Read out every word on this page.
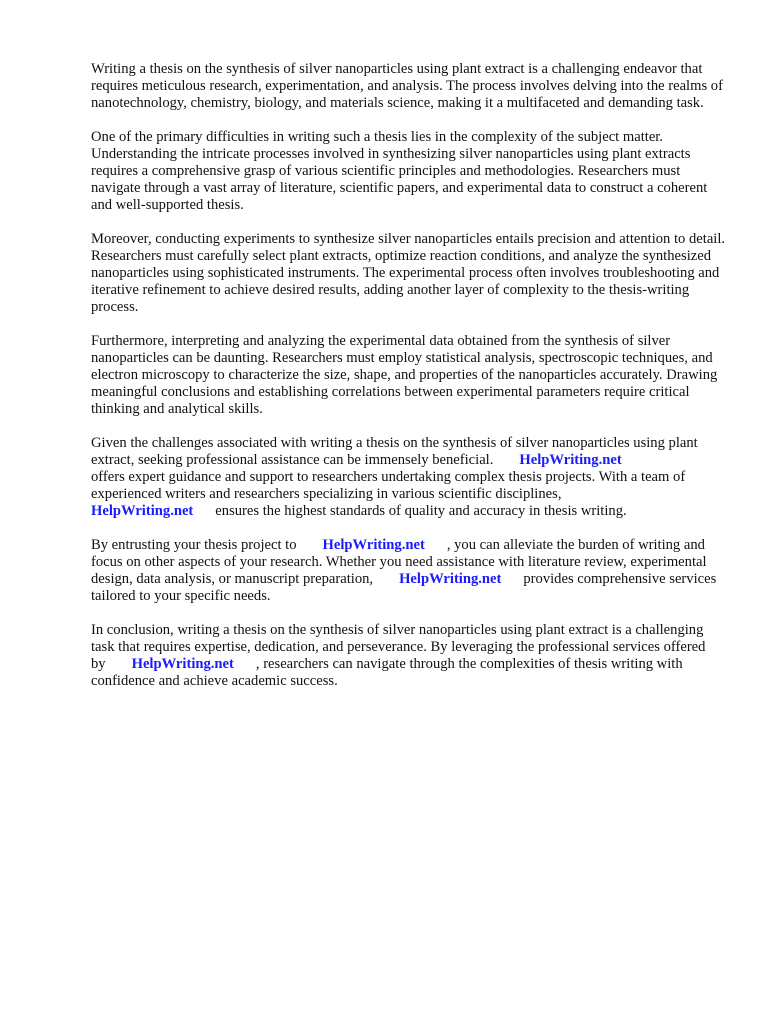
Writing a thesis on the synthesis of silver nanoparticles using plant extract is a challenging endeavor that requires meticulous research, experimentation, and analysis. The process involves delving into the realms of nanotechnology, chemistry, biology, and materials science, making it a multifaceted and demanding task.

One of the primary difficulties in writing such a thesis lies in the complexity of the subject matter. Understanding the intricate processes involved in synthesizing silver nanoparticles using plant extracts requires a comprehensive grasp of various scientific principles and methodologies. Researchers must navigate through a vast array of literature, scientific papers, and experimental data to construct a coherent and well-supported thesis.

Moreover, conducting experiments to synthesize silver nanoparticles entails precision and attention to detail. Researchers must carefully select plant extracts, optimize reaction conditions, and analyze the synthesized nanoparticles using sophisticated instruments. The experimental process often involves troubleshooting and iterative refinement to achieve desired results, adding another layer of complexity to the thesis-writing process.

Furthermore, interpreting and analyzing the experimental data obtained from the synthesis of silver nanoparticles can be daunting. Researchers must employ statistical analysis, spectroscopic techniques, and electron microscopy to characterize the size, shape, and properties of the nanoparticles accurately. Drawing meaningful conclusions and establishing correlations between experimental parameters require critical thinking and analytical skills.

Given the challenges associated with writing a thesis on the synthesis of silver nanoparticles using plant extract, seeking professional assistance can be immensely beneficial. HelpWriting.net
offers expert guidance and support to researchers undertaking complex thesis projects. With a team of experienced writers and researchers specializing in various scientific disciplines,
HelpWriting.net ensures the highest standards of quality and accuracy in thesis writing.

By entrusting your thesis project to HelpWriting.net , you can alleviate the burden of writing and focus on other aspects of your research. Whether you need assistance with literature review, experimental design, data analysis, or manuscript preparation, HelpWriting.net provides comprehensive services tailored to your specific needs.

In conclusion, writing a thesis on the synthesis of silver nanoparticles using plant extract is a challenging task that requires expertise, dedication, and perseverance. By leveraging the professional services offered by HelpWriting.net , researchers can navigate through the complexities of thesis writing with confidence and achieve academic success.
